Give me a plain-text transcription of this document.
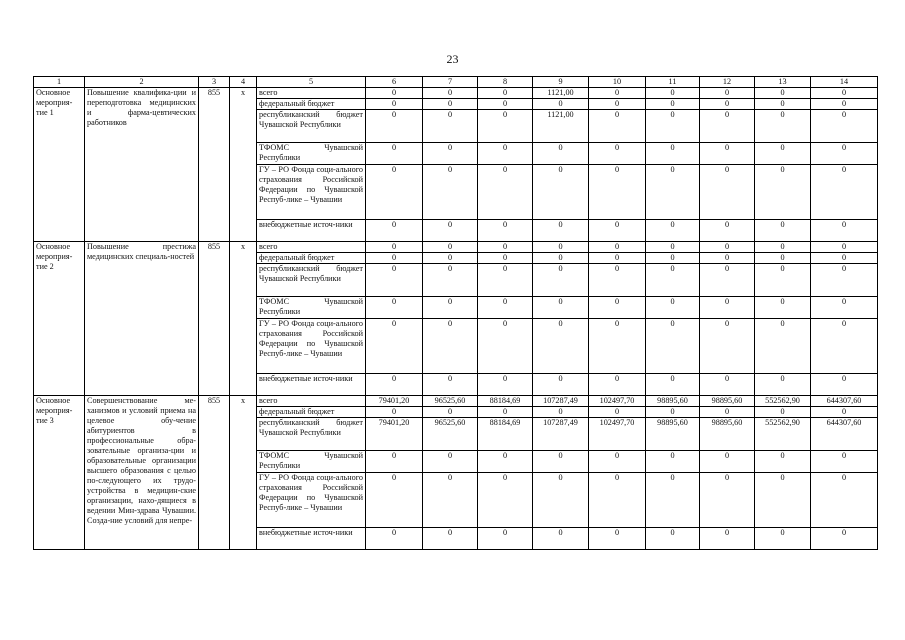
23
1	2	3	4	5	6	7	8	9	10	11	12	13	14
Основное мероприя-тие 1	Повышение квалифика-ции и переподготовка медицинских и фарма-цевтических работников	855	х	всего	0	0	0	1121,00	0	0	0	0	0
				федеральный бюджет	0	0	0	0	0	0	0	0	0
				республиканский бюджет Чувашской Республики	0	0	0	1121,00	0	0	0	0	0
				ТФОМС Чувашской Республики	0	0	0	0	0	0	0	0	0
				ГУ – РО Фонда соци-ального страхования Российской Федерации по Чувашской Респуб-лике – Чувашии	0	0	0	0	0	0	0	0	0
				внебюджетные источ-ники	0	0	0	0	0	0	0	0	0
Основное мероприя-тие 2	Повышение престижа медицинских специаль-ностей	855	х	всего	0	0	0	0	0	0	0	0	0
				федеральный бюджет	0	0	0	0	0	0	0	0	0
				республиканский бюджет Чувашской Республики	0	0	0	0	0	0	0	0	0
				ТФОМС Чувашской Республики	0	0	0	0	0	0	0	0	0
				ГУ – РО Фонда соци-ального страхования Российской Федерации по Чувашской Респуб-лике – Чувашии	0	0	0	0	0	0	0	0	0
				внебюджетные источ-ники	0	0	0	0	0	0	0	0	0
Основное мероприя-тие 3	Совершенствование ме-ханизмов и условий приема на целевое обу-чение абитуриентов в профессиональные обра-зовательные организа-ции и образовательные организации высшего образования с целью по-следующего их трудо-устройства в медицин-ские организации, нахо-дящиеся в ведении Мин-здрава Чувашии. Созда-ние условий для непре-	855	х	всего	79401,20	96525,60	88184,69	107287,49	102497,70	98895,60	98895,60	552562,90	644307,60
				федеральный бюджет	0	0	0	0	0	0	0	0	0
				республиканский бюджет Чувашской Республики	79401,20	96525,60	88184,69	107287,49	102497,70	98895,60	98895,60	552562,90	644307,60
				ТФОМС Чувашской Республики	0	0	0	0	0	0	0	0	0
				ГУ – РО Фонда соци-ального страхования Российской Федерации по Чувашской Респуб-лике – Чувашии	0	0	0	0	0	0	0	0	0
				внебюджетные источ-ники	0	0	0	0	0	0	0	0	0
